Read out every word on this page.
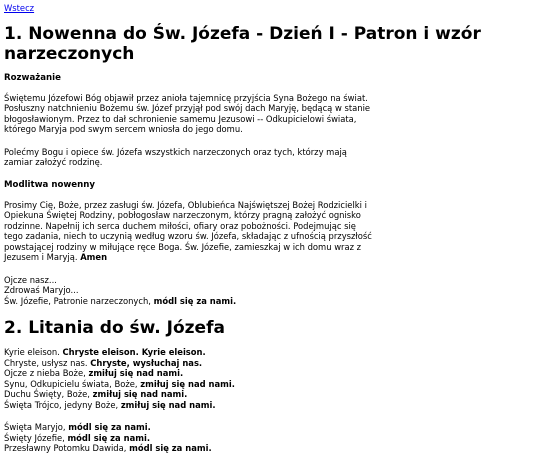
Wstecz
1. Nowenna do Św. Józefa - Dzień I - Patron i wzór
narzeczonych
Rozważanie

Świętemu Józefowi Bóg objawił przez anioła tajemnicę przyjścia Syna Bożego na świat.
Posłuszny natchnieniu Bożemu św. Józef przyjął pod swój dach Maryję, będącą w stanie
błogosławionym. Przez to dał schronienie samemu Jezusowi -- Odkupicielowi świata,
którego Maryja pod swym sercem wniosła do jego domu.

Polećmy Bogu i opiece św. Józefa wszystkich narzeczonych oraz tych, którzy mają
zamiar założyć rodzinę.

Modlitwa nowenny

Prosimy Cię, Boże, przez zasługi św. Józefa, Oblubieńca Najświętszej Bożej Rodzicielki i
Opiekuna Świętej Rodziny, pobłogosław narzeczonym, którzy pragną założyć ognisko
rodzinne. Napełnij ich serca duchem miłości, ofiary oraz pobożności. Podejmując się
tego zadania, niech to uczynią według wzoru św. Józefa, składając z ufnością przyszłość
powstającej rodziny w miłujące ręce Boga. Św. Józefie, zamieszkaj w ich domu wraz z
Jezusem i Maryją. Amen

Ojcze nasz...
Zdrowaś Maryjo...
Św. Józefie, Patronie narzeczonych, módl się za nami.

2. Litania do św. Józefa

Kyrie eleison. Chryste eleison. Kyrie eleison.
Chryste, usłysz nas. Chryste, wysłuchaj nas.
Ojcze z nieba Boże, zmiłuj się nad nami.
Synu, Odkupicielu świata, Boże, zmiłuj się nad nami.
Duchu Święty, Boże, zmiłuj się nad nami.
Święta Trójco, jedyny Boże, zmiłuj się nad nami.

Święta Maryjo, módl się za nami.
Święty Józefie, módl się za nami.
Przesławny Potomku Dawida, módl się za nami.
